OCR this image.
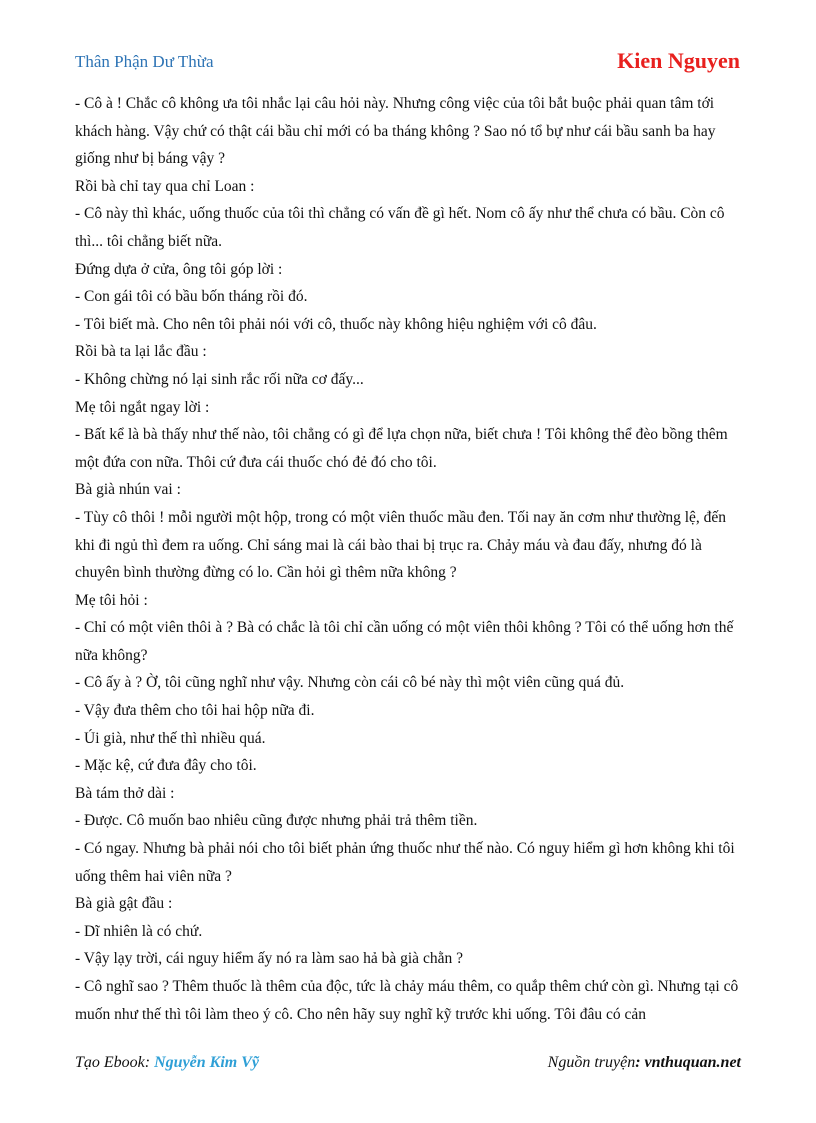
Thân Phận Dư Thừa	Kien Nguyen

- Cô à ! Chắc cô không ưa tôi nhắc lại câu hỏi này. Nhưng công việc của tôi bắt buộc phải quan tâm tới khách hàng. Vậy chứ có thật cái bầu chỉ mới có ba tháng không ? Sao nó tổ bự như cái bầu sanh ba hay giống như bị báng vậy ?

Rồi bà chỉ tay qua chỉ Loan :

- Cô này thì khác, uống thuốc của tôi thì chẳng có vấn đề gì hết. Nom cô ấy như thể chưa có bầu. Còn cô thì... tôi chẳng biết nữa.

Đứng dựa ở cửa, ông tôi góp lời :

- Con gái tôi có bầu bốn tháng rồi đó.

- Tôi biết mà. Cho nên tôi phải nói với cô, thuốc này không hiệu nghiệm với cô đâu.

Rồi bà ta lại lắc đầu :

- Không chừng nó lại sinh rắc rối nữa cơ đấy...

Mẹ tôi ngắt ngay lời :

- Bất kể là bà thấy như thế nào, tôi chẳng có gì để lựa chọn nữa, biết chưa ! Tôi không thể đèo bồng thêm một đứa con nữa. Thôi cứ đưa cái thuốc chó đẻ đó cho tôi.

Bà già nhún vai :

- Tùy cô thôi ! mỗi người một hộp, trong có một viên thuốc mầu đen. Tối nay ăn cơm như thường lệ, đến khi đi ngủ thì đem ra uống. Chỉ sáng mai là cái bào thai bị trục ra. Chảy máu và đau đấy, nhưng đó là chuyên bình thường đừng có lo. Cần hỏi gì thêm nữa không ?

Mẹ tôi hỏi :

- Chỉ có một viên thôi à ? Bà có chắc là tôi chỉ cần uống có một viên thôi không ? Tôi có thể uống hơn thế nữa không?

- Cô ấy à ? Ờ, tôi cũng nghĩ như vậy. Nhưng còn cái cô bé này thì một viên cũng quá đủ.

- Vậy đưa thêm cho tôi hai hộp nữa đi.

- Úi già, như thế thì nhiều quá.

- Mặc kệ, cứ đưa đây cho tôi.

Bà tám thở dài :

- Được. Cô muốn bao nhiêu cũng được nhưng phải trả thêm tiền.

- Có ngay. Nhưng bà phải nói cho tôi biết phản ứng thuốc như thế nào. Có nguy hiểm gì hơn không khi tôi uống thêm hai viên nữa ?

Bà già gật đầu :

- Dĩ nhiên là có chứ.

- Vậy lạy trời, cái nguy hiểm ấy nó ra làm sao hả bà già chằn ?

- Cô nghĩ sao ? Thêm thuốc là thêm của độc, tức là chảy máu thêm, co quắp thêm chứ còn gì. Nhưng tại cô muốn như thế thì tôi làm theo ý cô. Cho nên hãy suy nghĩ kỹ trước khi uống. Tôi đâu có cản

Tạo Ebook: Nguyễn Kim Vỹ	Nguồn truyện: vnthuquan.net
